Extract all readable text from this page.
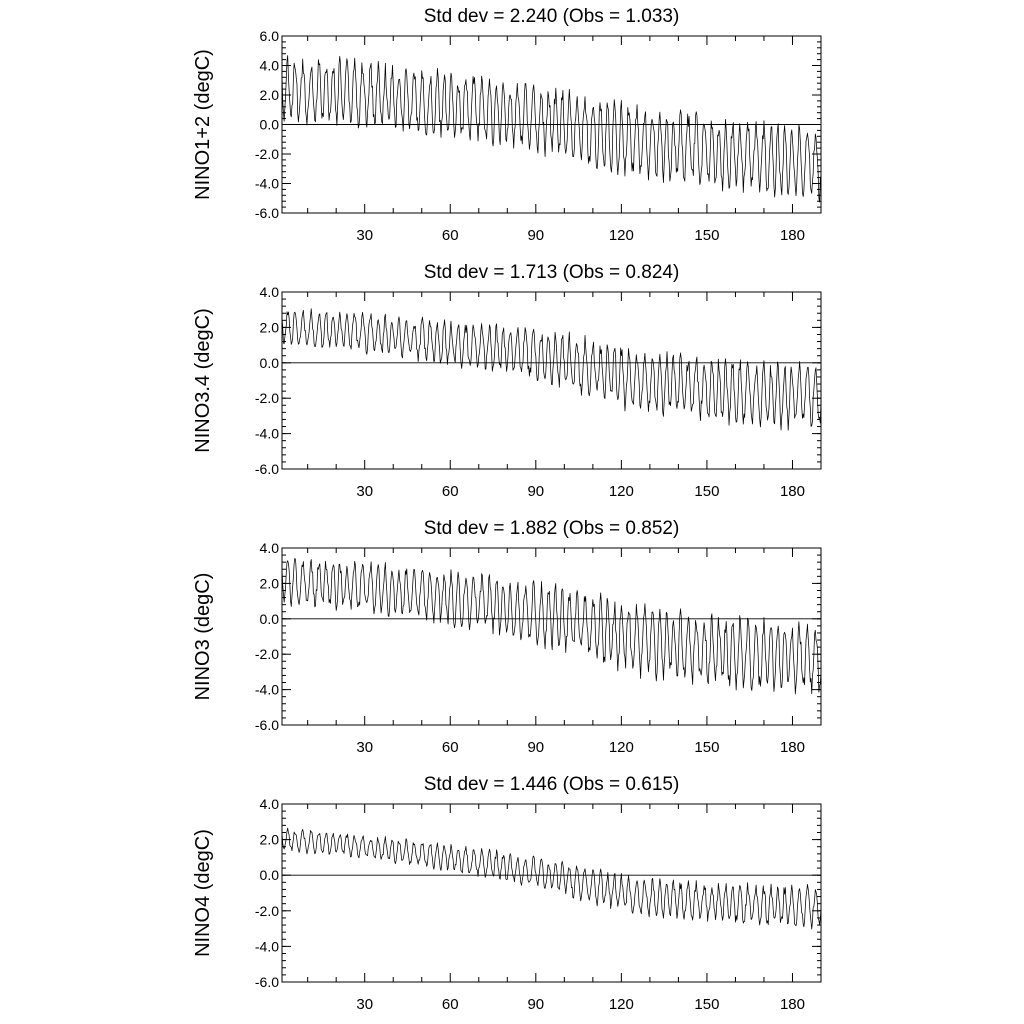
Std dev = 2.240 (Obs = 1.033)
NINO1+2 (degC)
-6.0
-4.0
-2.0
0.0
2.0
4.0
6.0
30	60	90	120	150	180
Std dev = 1.713 (Obs = 0.824)
NINO3.4 (degC)
-6.0
-4.0
-2.0
0.0
2.0
4.0
30	60	90	120	150	180
Std dev = 1.882 (Obs = 0.852)
NINO3 (degC)
-6.0
-4.0
-2.0
0.0
2.0
4.0
30	60	90	120	150	180
Std dev = 1.446 (Obs = 0.615)
NINO4 (degC)
-6.0
-4.0
-2.0
0.0
2.0
4.0
30	60	90	120	150	180
